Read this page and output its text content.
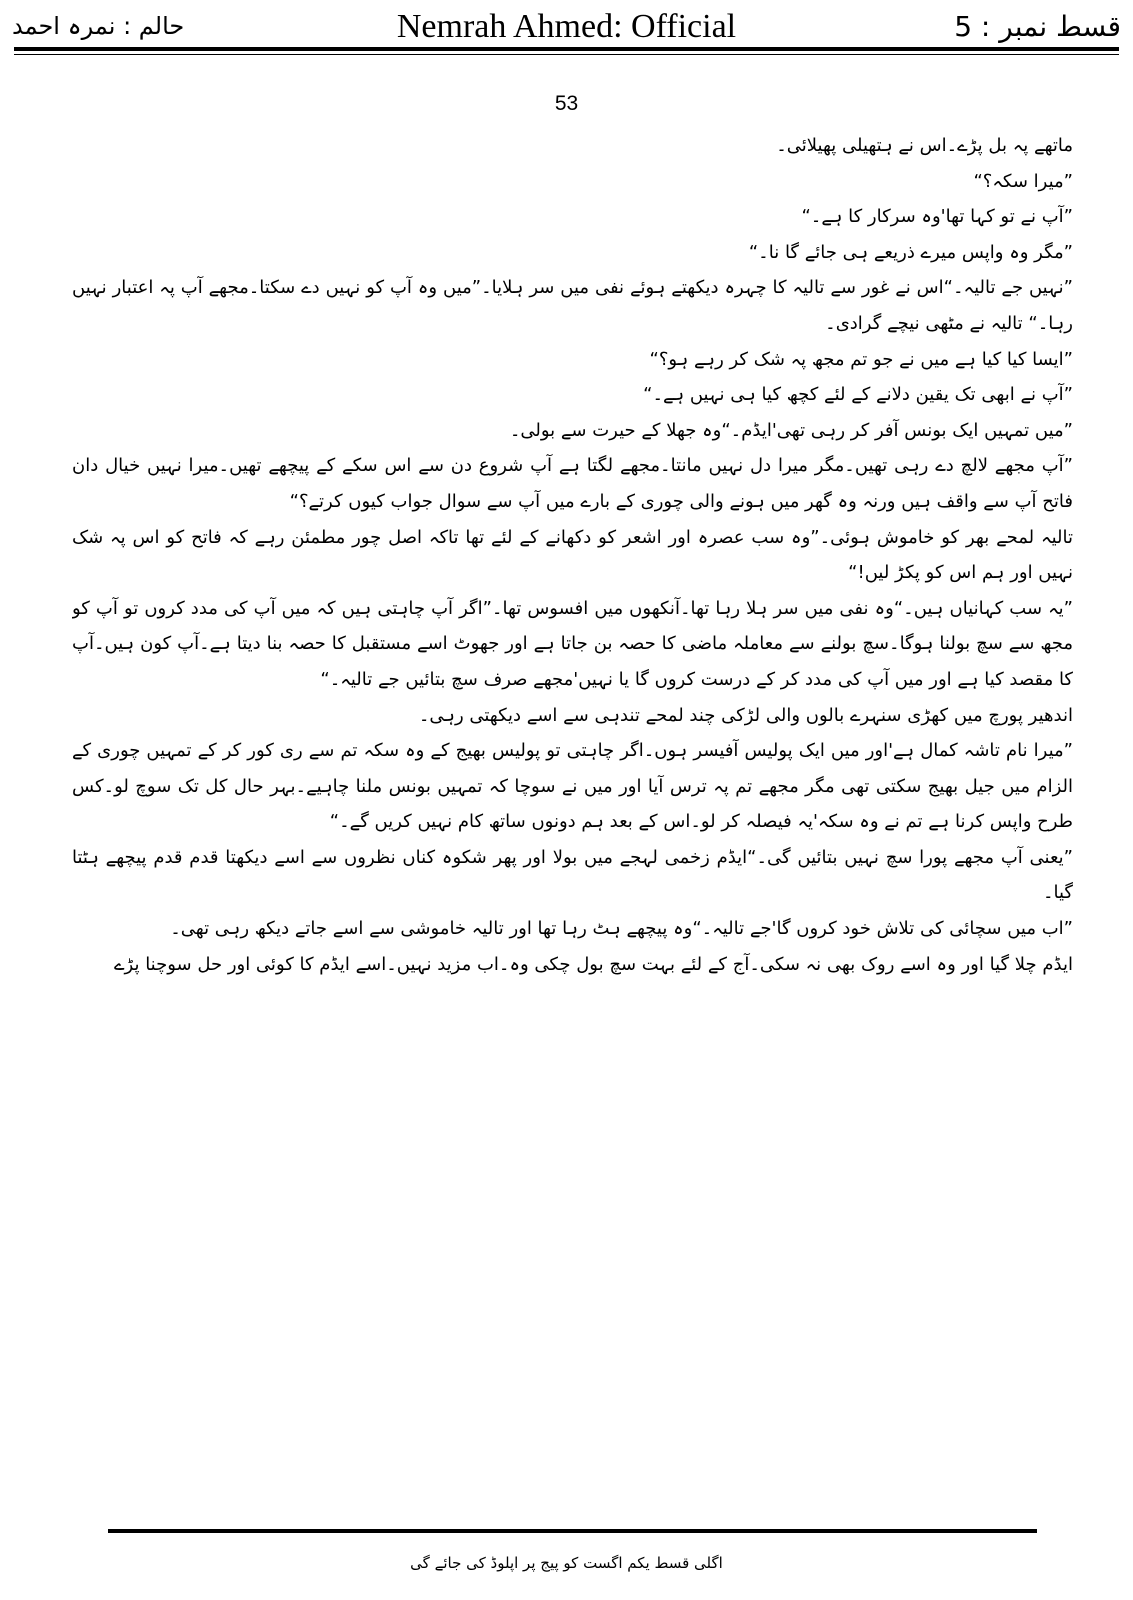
حالم : نمرہ احمد	Nemrah Ahmed: Official	قسط نمبر : 5
53

ماتھے پہ بل پڑے۔اس نے ہتھیلی پھیلائی۔

”میرا سکہ؟“

”آپ نے تو کہا تھا'وہ سرکار کا ہے۔“

”مگر وہ واپس میرے ذریعے ہی جائے گا نا۔“

”نہیں جے تالیہ۔“اس نے غور سے تالیہ کا چہرہ دیکھتے ہوئے نفی میں سر ہلایا۔”میں وہ آپ کو نہیں دے سکتا۔مجھے آپ پہ اعتبار نہیں رہا۔“ تالیہ نے مٹھی نیچے گرادی۔

”ایسا کیا کیا ہے میں نے جو تم مجھ پہ شک کر رہے ہو؟“

”آپ نے ابھی تک یقین دلانے کے لئے کچھ کیا ہی نہیں ہے۔“

”میں تمہیں ایک بونس آفر کر رہی تھی'ایڈم۔“وہ جھلا کے حیرت سے بولی۔

”آپ مجھے لالچ دے رہی تھیں۔مگر میرا دل نہیں مانتا۔مجھے لگتا ہے آپ شروع دن سے اس سکے کے پیچھے تھیں۔میرا نہیں خیال دان فاتح آپ سے واقف ہیں ورنہ وہ گھر میں ہونے والی چوری کے بارے میں آپ سے سوال جواب کیوں کرتے؟“

تالیہ لمحے بھر کو خاموش ہوئی۔”وہ سب عصرہ اور اشعر کو دکھانے کے لئے تھا تاکہ اصل چور مطمئن رہے کہ فاتح کو اس پہ شک نہیں اور ہم اس کو پکڑ لیں!“

”یہ سب کہانیاں ہیں۔“وہ نفی میں سر ہلا رہا تھا۔آنکھوں میں افسوس تھا۔”اگر آپ چاہتی ہیں کہ میں آپ کی مدد کروں تو آپ کو مجھ سے سچ بولنا ہوگا۔سچ بولنے سے معاملہ ماضی کا حصہ بن جاتا ہے اور جھوٹ اسے مستقبل کا حصہ بنا دیتا ہے۔آپ کون ہیں۔آپ کا مقصد کیا ہے اور میں آپ کی مدد کر کے درست کروں گا یا نہیں'مجھے صرف سچ بتائیں جے تالیہ۔“

اندھیر پورچ میں کھڑی سنہرے بالوں والی لڑکی چند لمحے تندہی سے اسے دیکھتی رہی۔

”میرا نام تاشہ کمال ہے'اور میں ایک پولیس آفیسر ہوں۔اگر چاہتی تو پولیس بھیج کے وہ سکہ تم سے ری کور کر کے تمہیں چوری کے الزام میں جیل بھیج سکتی تھی مگر مجھے تم پہ ترس آیا اور میں نے سوچا کہ تمہیں بونس ملنا چاہیے۔بہر حال کل تک سوچ لو۔کس طرح واپس کرنا ہے تم نے وہ سکہ'یہ فیصلہ کر لو۔اس کے بعد ہم دونوں ساتھ کام نہیں کریں گے۔“

”یعنی آپ مجھے پورا سچ نہیں بتائیں گی۔“ایڈم زخمی لہجے میں بولا اور پھر شکوہ کناں نظروں سے اسے دیکھتا قدم قدم پیچھے ہٹتا گیا۔

”اب میں سچائی کی تلاش خود کروں گا'جے تالیہ۔“وہ پیچھے ہٹ رہا تھا اور تالیہ خاموشی سے اسے جاتے دیکھ رہی تھی۔

ایڈم چلا گیا اور وہ اسے روک بھی نہ سکی۔آج کے لئے بہت سچ بول چکی وہ۔اب مزید نہیں۔اسے ایڈم کا کوئی اور حل سوچنا پڑے

اگلی قسط یکم اگست کو پیج پر اپلوڈ کی جائے گی
